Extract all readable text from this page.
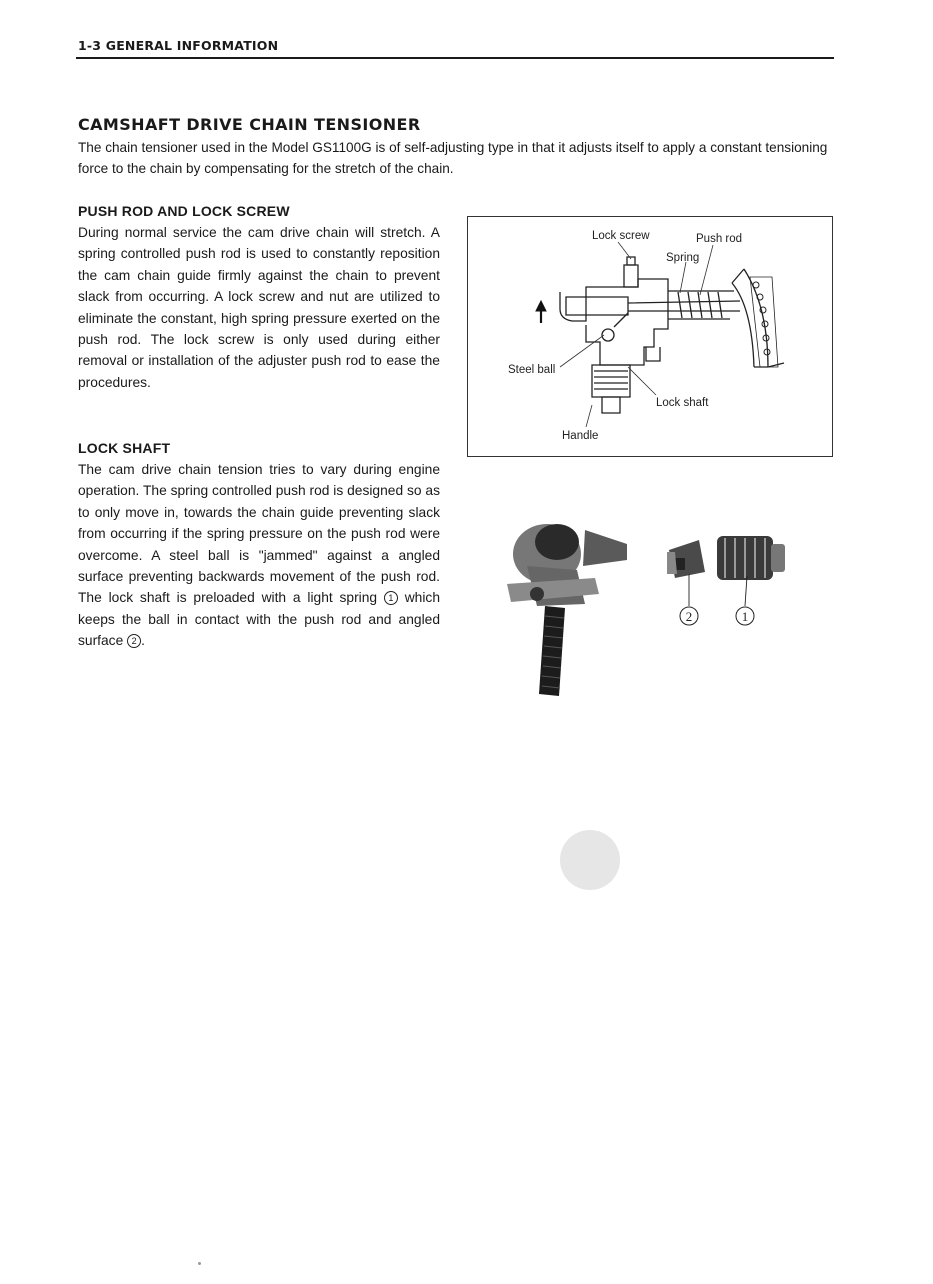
1-3 GENERAL INFORMATION
CAMSHAFT DRIVE CHAIN TENSIONER

The chain tensioner used in the Model GS1100G is of self-adjusting type in that it adjusts itself to apply a constant tensioning force to the chain by compensating for the stretch of the chain.

PUSH ROD AND LOCK SCREW

During normal service the cam drive chain will stretch. A spring controlled push rod is used to constantly reposition the cam chain guide firmly against the chain to prevent slack from occurring. A lock screw and nut are utilized to eliminate the constant, high spring pressure exerted on the push rod. The lock screw is only used during either removal or installation of the adjuster push rod to ease the procedures.

LOCK SHAFT

The cam drive chain tension tries to vary during engine operation. The spring controlled push rod is designed so as to only move in, towards the chain guide preventing slack from occurring if the spring pressure on the push rod were overcome. A steel ball is "jammed" against a angled surface preventing backwards movement of the push rod. The lock shaft is preloaded with a light spring 1 which keeps the ball in contact with the push rod and angled surface 2 .

Lock screw	Push rod
Spring
Steel ball
Lock shaft
Handle
2	1
